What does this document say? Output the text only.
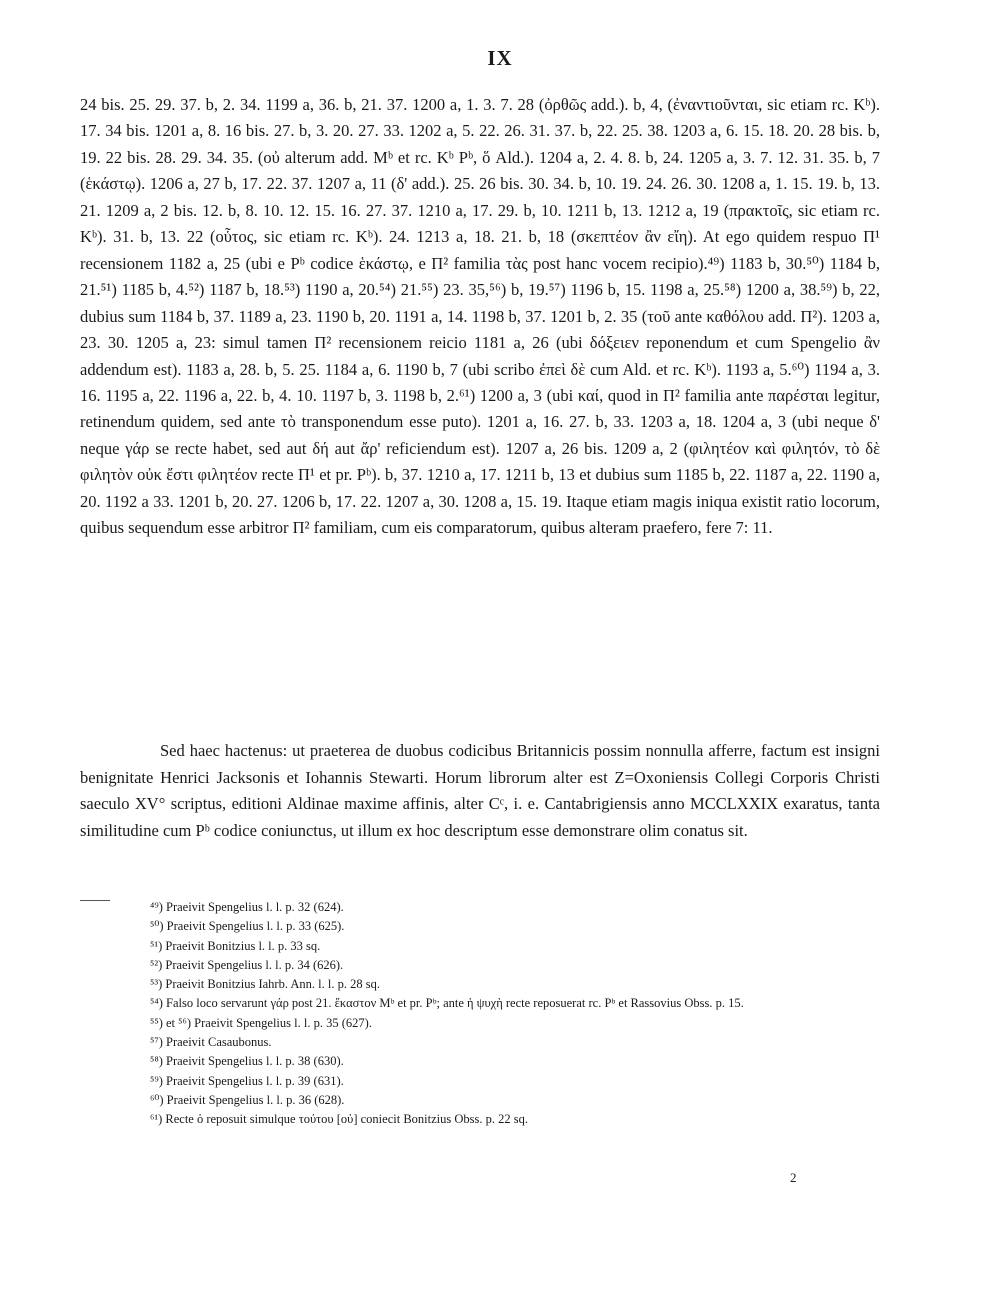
IX

24 bis. 25. 29. 37. b, 2. 34. 1199 a, 36. b, 21. 37. 1200 a, 1. 3. 7. 28 (ὀρθῶς add.). b, 4, (ἐναντιοῦνται, sic etiam rc. Kᵇ). 17. 34 bis. 1201 a, 8. 16 bis. 27. b, 3. 20. 27. 33. 1202 a, 5. 22. 26. 31. 37. b, 22. 25. 38. 1203 a, 6. 15. 18. 20. 28 bis. b, 19. 22 bis. 28. 29. 34. 35. (οὐ alterum add. Mᵇ et rc. Kᵇ Pᵇ, ὅ Ald.). 1204 a, 2. 4. 8. b, 24. 1205 a, 3. 7. 12. 31. 35. b, 7 (ἑκάστῳ). 1206 a, 27 b, 17. 22. 37. 1207 a, 11 (δ' add.). 25. 26 bis. 30. 34. b, 10. 19. 24. 26. 30. 1208 a, 1. 15. 19. b, 13. 21. 1209 a, 2 bis. 12. b, 8. 10. 12. 15. 16. 27. 37. 1210 a, 17. 29. b, 10. 1211 b, 13. 1212 a, 19 (πρακτοῖς, sic etiam rc. Kᵇ). 31. b, 13. 22 (οὗτος, sic etiam rc. Kᵇ). 24. 1213 a, 18. 21. b, 18 (σκεπτέον ἂν εἴη). At ego quidem respuo Π¹ recensionem 1182 a, 25 (ubi e Pᵇ codice ἑκάστῳ, e Π² familia τὰς post hanc vocem recipio).⁴⁹) 1183 b, 30.⁵⁰) 1184 b, 21.⁵¹) 1185 b, 4.⁵²) 1187 b, 18.⁵³) 1190 a, 20.⁵⁴) 21.⁵⁵) 23. 35,⁵⁶) b, 19.⁵⁷) 1196 b, 15. 1198 a, 25.⁵⁸) 1200 a, 38.⁵⁹) b, 22, dubius sum 1184 b, 37. 1189 a, 23. 1190 b, 20. 1191 a, 14. 1198 b, 37. 1201 b, 2. 35 (τοῦ ante καθόλου add. Π²). 1203 a, 23. 30. 1205 a, 23: simul tamen Π² recensionem reicio 1181 a, 26 (ubi δόξειεν reponendum et cum Spengelio ἂν addendum est). 1183 a, 28. b, 5. 25. 1184 a, 6. 1190 b, 7 (ubi scribo ἐπεὶ δὲ cum Ald. et rc. Kᵇ). 1193 a, 5.⁶⁰) 1194 a, 3. 16. 1195 a, 22. 1196 a, 22. b, 4. 10. 1197 b, 3. 1198 b, 2.⁶¹) 1200 a, 3 (ubi καί, quod in Π² familia ante παρέσται legitur, retinendum quidem, sed ante τὸ transponendum esse puto). 1201 a, 16. 27. b, 33. 1203 a, 18. 1204 a, 3 (ubi neque δ' neque γάρ se recte habet, sed aut δή aut ἄρ' reficiendum est). 1207 a, 26 bis. 1209 a, 2 (φιλητέον καὶ φιλητόν, τὸ δὲ φιλητὸν οὐκ ἔστι φιλητέον recte Π¹ et pr. Pᵇ). b, 37. 1210 a, 17. 1211 b, 13 et dubius sum 1185 b, 22. 1187 a, 22. 1190 a, 20. 1192 a 33. 1201 b, 20. 27. 1206 b, 17. 22. 1207 a, 30. 1208 a, 15. 19. Itaque etiam magis iniqua existit ratio locorum, quibus sequendum esse arbitror Π² familiam, cum eis comparatorum, quibus alteram praefero, fere 7: 11.

Sed haec hactenus: ut praeterea de duobus codicibus Britannicis possim nonnulla afferre, factum est insigni benignitate Henrici Jacksonis et Iohannis Stewarti. Horum librorum alter est Z=Oxoniensis Collegi Corporis Christi saeculo XV° scriptus, editioni Aldinae maxime affinis, alter Cᶜ, i. e. Cantabrigiensis anno MCCLXXIX exaratus, tanta similitudine cum Pᵇ codice coniunctus, ut illum ex hoc descriptum esse demonstrare olim conatus sit.

⁴⁹) Praeivit Spengelius l. l. p. 32 (624).
⁵⁰) Praeivit Spengelius l. l. p. 33 (625).
⁵¹) Praeivit Bonitzius l. l. p. 33 sq.
⁵²) Praeivit Spengelius l. l. p. 34 (626).
⁵³) Praeivit Bonitzius Iahrb. Ann. l. l. p. 28 sq.
⁵⁴) Falso loco servarunt γάρ post 21. ἕκαστον Mᵇ et pr. Pᵇ; ante ἡ ψυχὴ recte reposuerat rc. Pᵇ et Rassovius Obss. p. 15.
⁵⁵) et ⁵⁶) Praeivit Spengelius l. l. p. 35 (627).
⁵⁷) Praeivit Casaubonus.
⁵⁸) Praeivit Spengelius l. l. p. 38 (630).
⁵⁹) Praeivit Spengelius l. l. p. 39 (631).
⁶⁰) Praeivit Spengelius l. l. p. 36 (628).
⁶¹) Recte ὁ reposuit simulque τούτου [οὐ] coniecit Bonitzius Obss. p. 22 sq.
2
